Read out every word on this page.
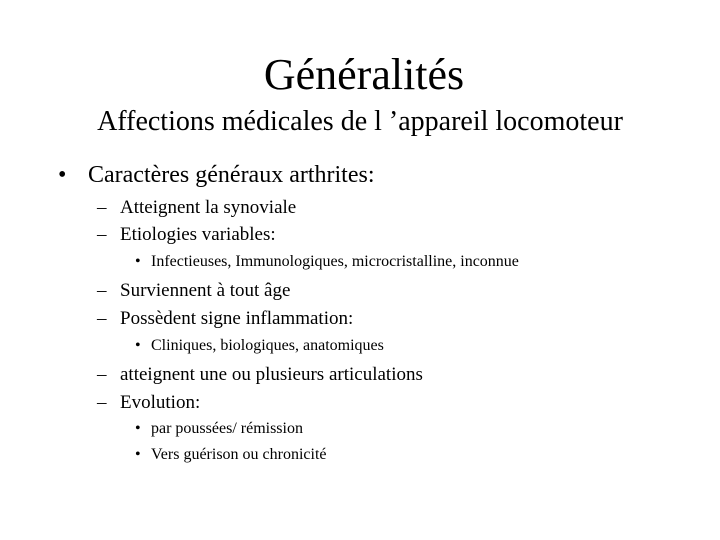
Généralités
Affections médicales de l ’appareil locomoteur
• Caractères généraux arthrites:
– Atteignent la synoviale
– Etiologies variables:
• Infectieuses, Immunologiques, microcristalline, inconnue
– Surviennent à tout âge
– Possèdent signe inflammation:
• Cliniques, biologiques, anatomiques
– atteignent une ou plusieurs articulations
– Evolution:
• par poussées/ rémission
• Vers guérison ou chronicité
